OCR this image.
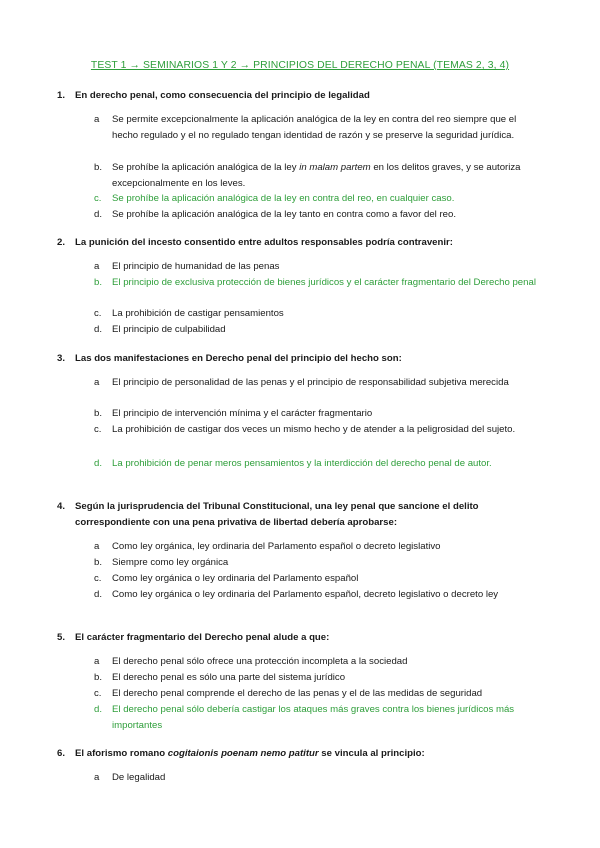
TEST 1 → SEMINARIOS 1 Y 2 → PRINCIPIOS DEL DERECHO PENAL (TEMAS 2, 3, 4)
1. En derecho penal, como consecuencia del principio de legalidad
a Se permite excepcionalmente la aplicación analógica de la ley en contra del reo siempre que el hecho regulado y el no regulado tengan identidad de razón y se preserve la seguridad jurídica.
b. Se prohíbe la aplicación analógica de la ley in malam partem en los delitos graves, y se autoriza excepcionalmente en los leves.
c. Se prohíbe la aplicación analógica de la ley en contra del reo, en cualquier caso.
d. Se prohíbe la aplicación analógica de la ley tanto en contra como a favor del reo.
2. La punición del incesto consentido entre adultos responsables podría contravenir:
a El principio de humanidad de las penas
b. El principio de exclusiva protección de bienes jurídicos y el carácter fragmentario del Derecho penal
c. La prohibición de castigar pensamientos
d. El principio de culpabilidad
3. Las dos manifestaciones en Derecho penal del principio del hecho son:
a El principio de personalidad de las penas y el principio de responsabilidad subjetiva merecida
b. El principio de intervención mínima y el carácter fragmentario
c. La prohibición de castigar dos veces un mismo hecho y de atender a la peligrosidad del sujeto.
d. La prohibición de penar meros pensamientos y la interdicción del derecho penal de autor.
4. Según la jurisprudencia del Tribunal Constitucional, una ley penal que sancione el delito correspondiente con una pena privativa de libertad debería aprobarse:
a Como ley orgánica, ley ordinaria del Parlamento español o decreto legislativo
b. Siempre como ley orgánica
c. Como ley orgánica o ley ordinaria del Parlamento español
d. Como ley orgánica o ley ordinaria del Parlamento español, decreto legislativo o decreto ley
5. El carácter fragmentario del Derecho penal alude a que:
a El derecho penal sólo ofrece una protección incompleta a la sociedad
b. El derecho penal es sólo una parte del sistema jurídico
c. El derecho penal comprende el derecho de las penas y el de las medidas de seguridad
d. El derecho penal sólo debería castigar los ataques más graves contra los bienes jurídicos más importantes
6. El aforismo romano cogitaionis poenam nemo patitur se vincula al principio:
a De legalidad
